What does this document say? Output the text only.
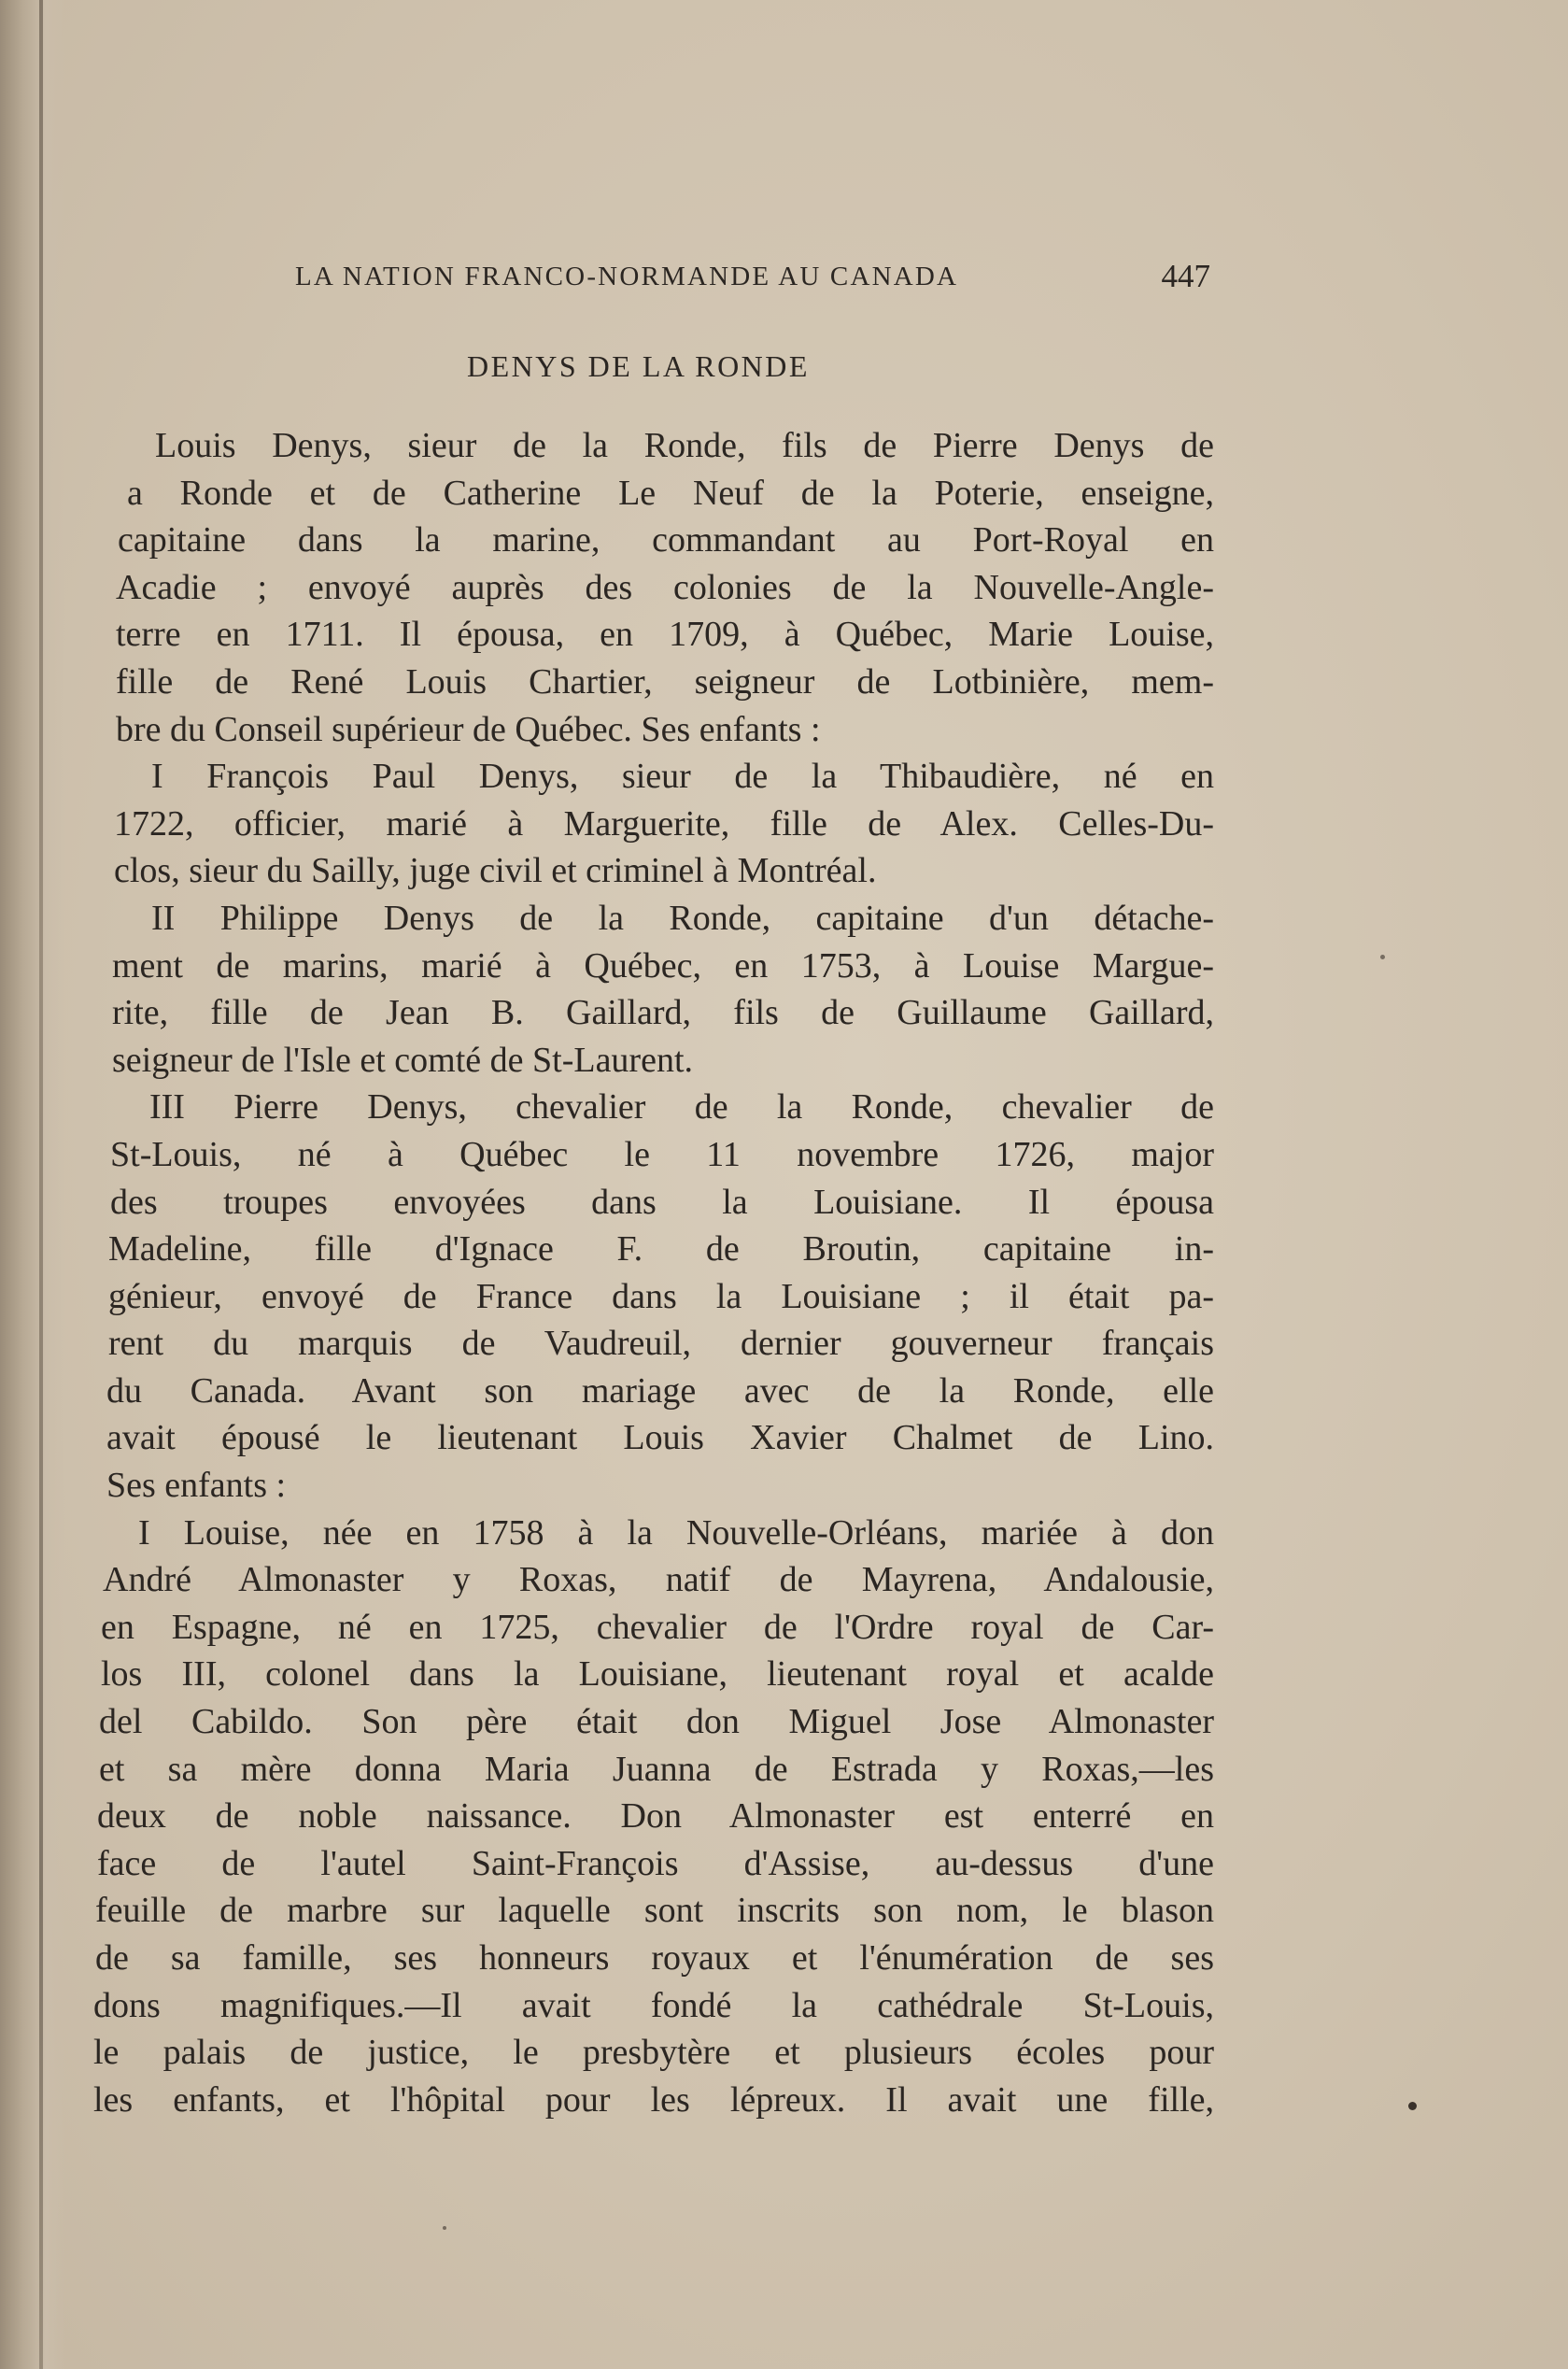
LA NATION FRANCO-NORMANDE AU CANADA	447
DENYS DE LA RONDE
Louis Denys, sieur de la Ronde, fils de Pierre Denys de
a Ronde et de Catherine Le Neuf de la Poterie, enseigne,
capitaine dans la marine, commandant au Port-Royal en
Acadie ; envoyé auprès des colonies de la Nouvelle-Angle-
terre en 1711. Il épousa, en 1709, à Québec, Marie Louise,
fille de René Louis Chartier, seigneur de Lotbinière, mem-
bre du Conseil supérieur de Québec. Ses enfants :
I François Paul Denys, sieur de la Thibaudière, né en
1722, officier, marié à Marguerite, fille de Alex. Celles-Du-
clos, sieur du Sailly, juge civil et criminel à Montréal.
II Philippe Denys de la Ronde, capitaine d'un détache-
ment de marins, marié à Québec, en 1753, à Louise Margue-
rite, fille de Jean B. Gaillard, fils de Guillaume Gaillard,
seigneur de l'Isle et comté de St-Laurent.
III Pierre Denys, chevalier de la Ronde, chevalier de
St-Louis, né à Québec le 11 novembre 1726, major
des troupes envoyées dans la Louisiane. Il épousa
Madeline, fille d'Ignace F. de Broutin, capitaine in-
génieur, envoyé de France dans la Louisiane ; il était pa-
rent du marquis de Vaudreuil, dernier gouverneur français
du Canada. Avant son mariage avec de la Ronde, elle
avait épousé le lieutenant Louis Xavier Chalmet de Lino.
Ses enfants :
I Louise, née en 1758 à la Nouvelle-Orléans, mariée à don
André Almonaster y Roxas, natif de Mayrena, Andalousie,
en Espagne, né en 1725, chevalier de l'Ordre royal de Car-
los III, colonel dans la Louisiane, lieutenant royal et acalde
del Cabildo. Son père était don Miguel Jose Almonaster
et sa mère donna Maria Juanna de Estrada y Roxas,—les
deux de noble naissance. Don Almonaster est enterré en
face de l'autel Saint-François d'Assise, au-dessus d'une
feuille de marbre sur laquelle sont inscrits son nom, le blason
de sa famille, ses honneurs royaux et l'énumération de ses
dons magnifiques.—Il avait fondé la cathédrale St-Louis,
le palais de justice, le presbytère et plusieurs écoles pour
les enfants, et l'hôpital pour les lépreux. Il avait une fille,
